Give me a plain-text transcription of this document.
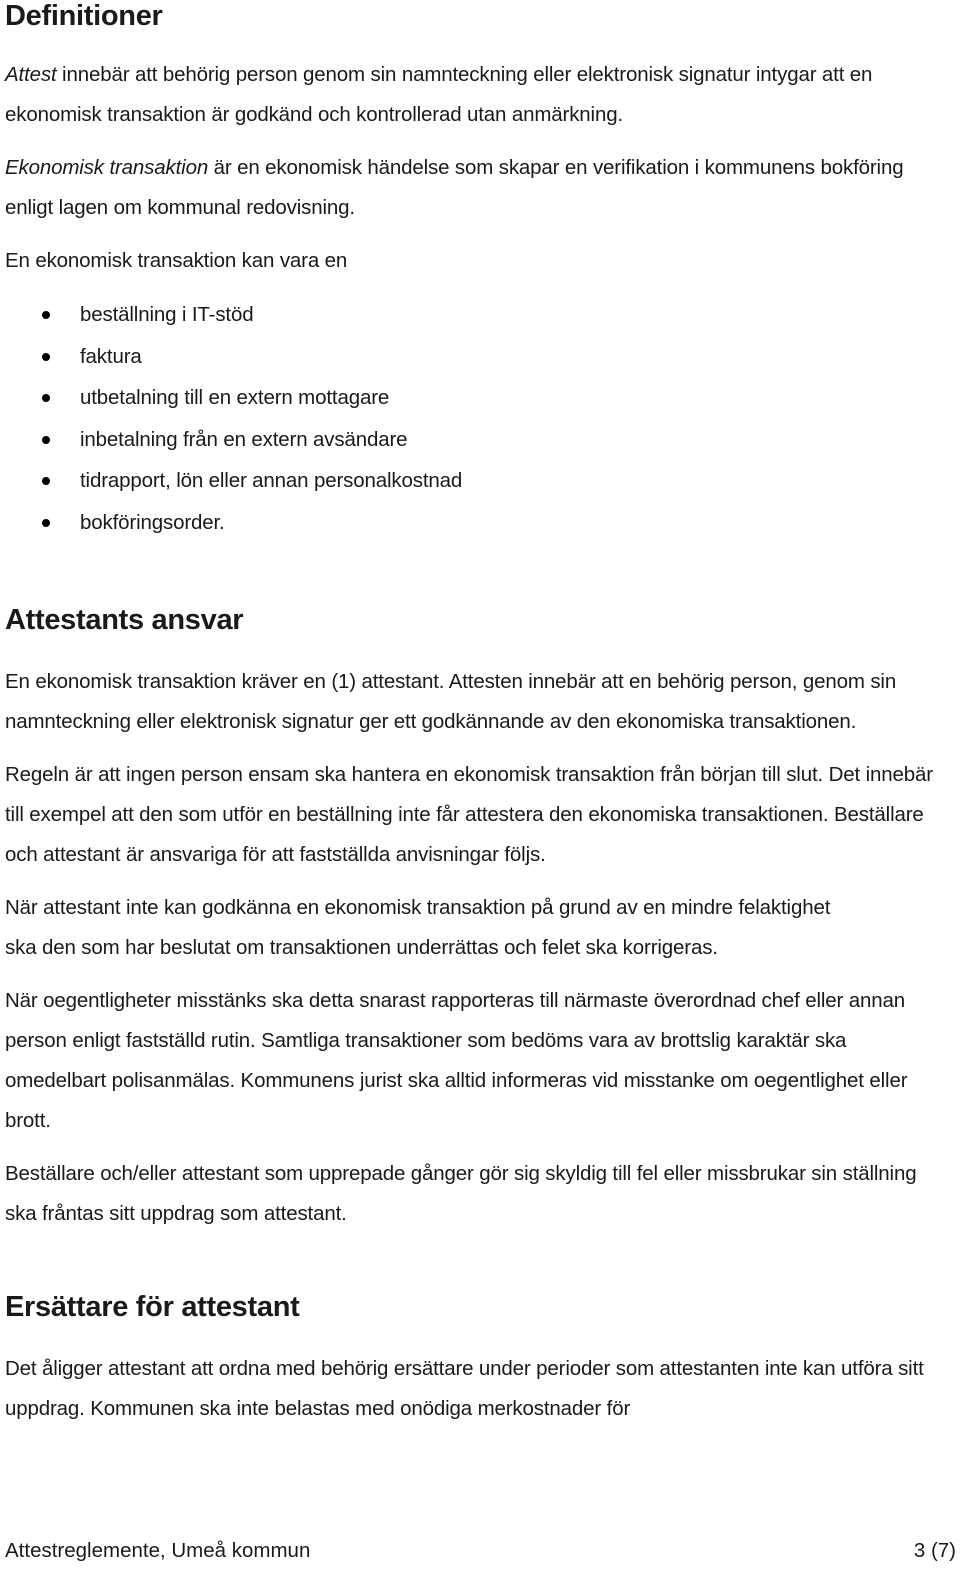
Definitioner

Attest innebär att behörig person genom sin namnteckning eller elektronisk signatur intygar att en ekonomisk transaktion är godkänd och kontrollerad utan anmärkning.

Ekonomisk transaktion är en ekonomisk händelse som skapar en verifikation i kommunens bokföring enligt lagen om kommunal redovisning.

En ekonomisk transaktion kan vara en

beställning i IT-stöd
faktura
utbetalning till en extern mottagare
inbetalning från en extern avsändare
tidrapport, lön eller annan personalkostnad
bokföringsorder.
Attestants ansvar

En ekonomisk transaktion kräver en (1) attestant. Attesten innebär att en behörig person, genom sin namnteckning eller elektronisk signatur ger ett godkännande av den ekonomiska transaktionen.

Regeln är att ingen person ensam ska hantera en ekonomisk transaktion från början till slut. Det innebär till exempel att den som utför en beställning inte får attestera den ekonomiska transaktionen. Beställare och attestant är ansvariga för att fastställda anvisningar följs.

När attestant inte kan godkänna en ekonomisk transaktion på grund av en mindre felaktighet ska den som har beslutat om transaktionen underrättas och felet ska korrigeras.

När oegentligheter misstänks ska detta snarast rapporteras till närmaste överordnad chef eller annan person enligt fastställd rutin. Samtliga transaktioner som bedöms vara av brottslig karaktär ska omedelbart polisanmälas. Kommunens jurist ska alltid informeras vid misstanke om oegentlighet eller brott.

Beställare och/eller attestant som upprepade gånger gör sig skyldig till fel eller missbrukar sin ställning ska fråntas sitt uppdrag som attestant.

Ersättare för attestant

Det åligger attestant att ordna med behörig ersättare under perioder som attestanten inte kan utföra sitt uppdrag. Kommunen ska inte belastas med onödiga merkostnader för

Attestreglemente, Umeå kommun	3 (7)
